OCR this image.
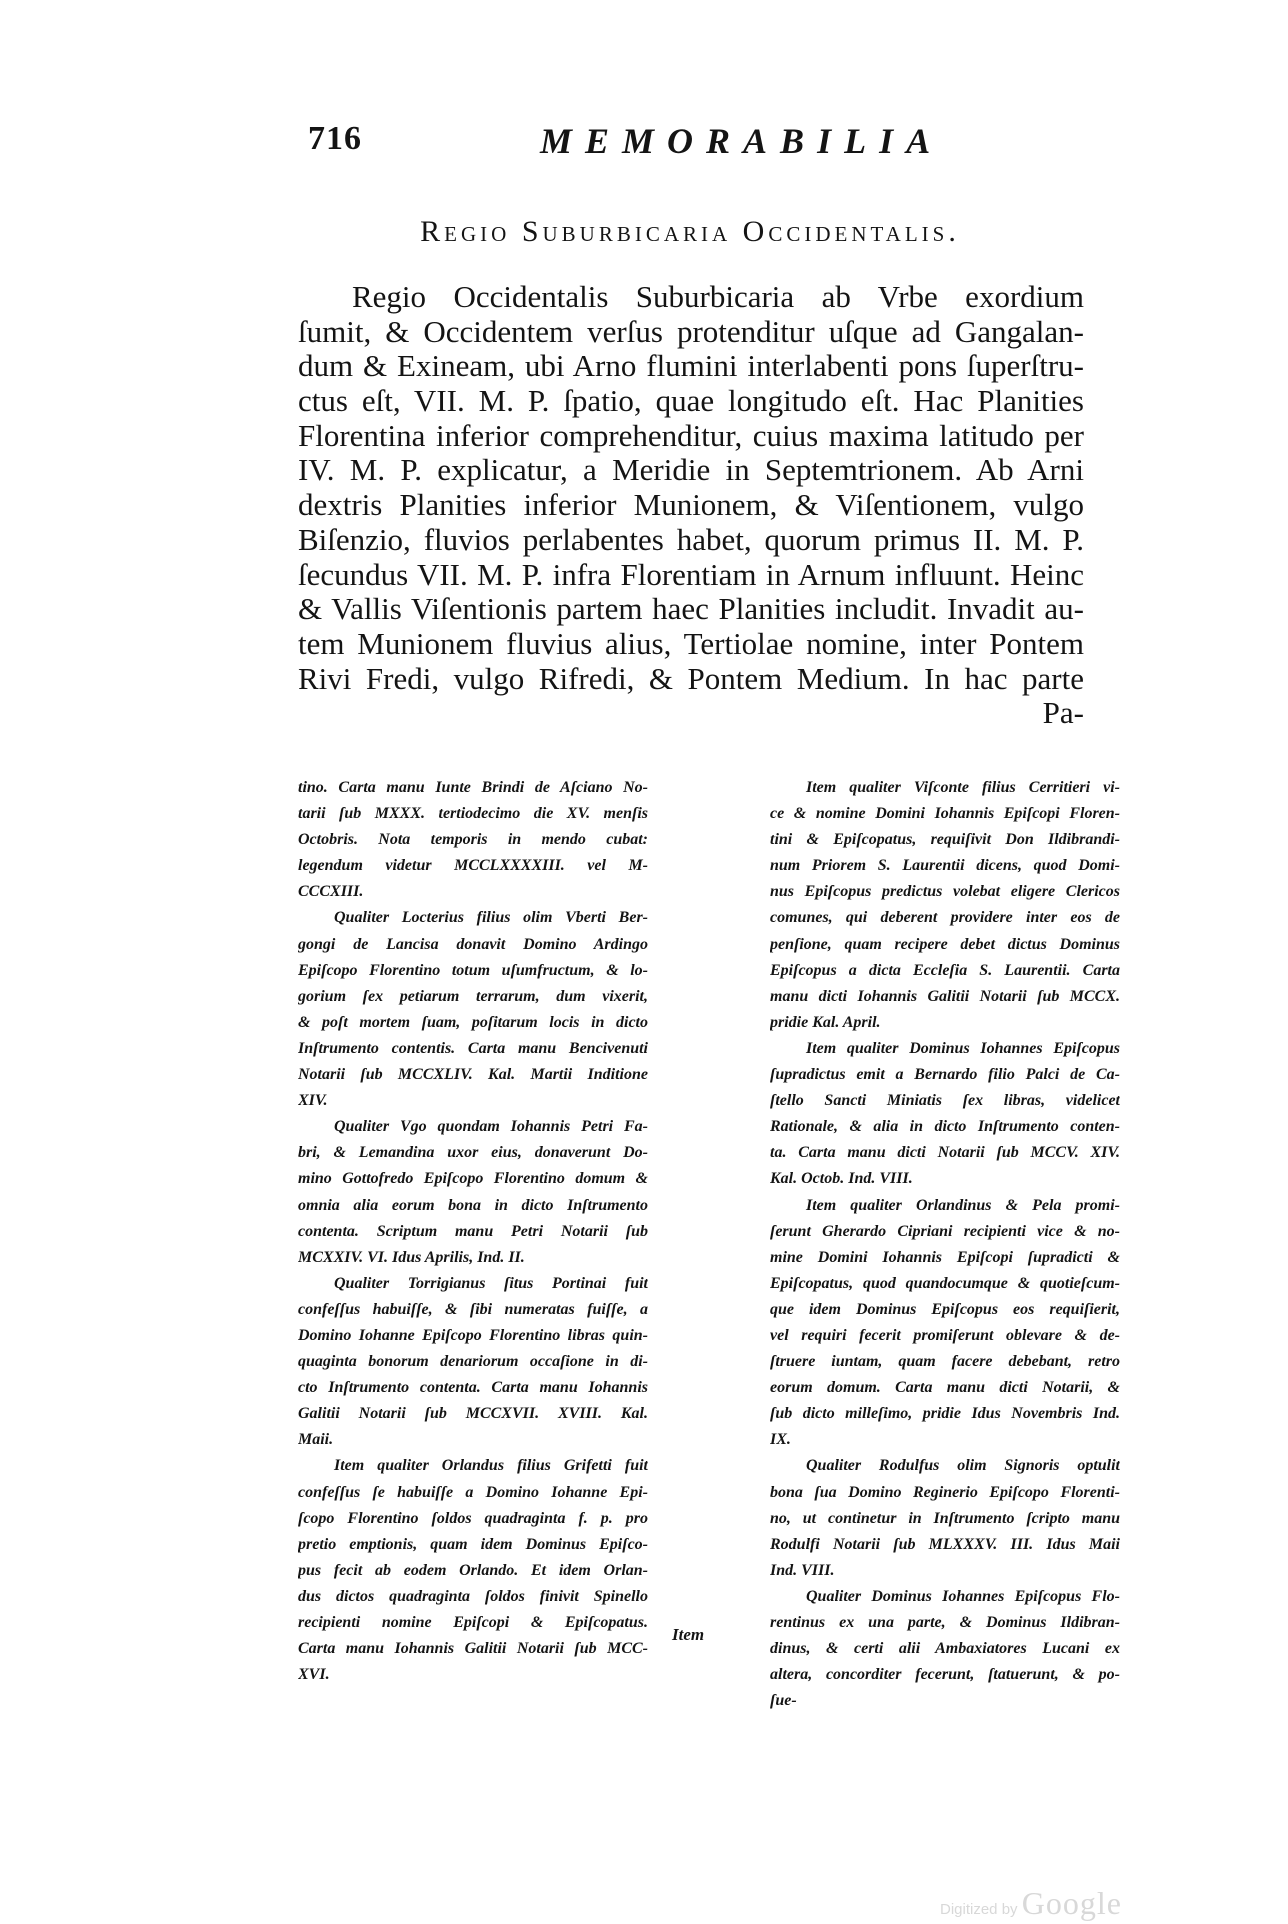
716	MEMORABILIA
Regio Suburbicaria Occidentalis.
Regio Occidentalis Suburbicaria ab Vrbe exordium
ſumit, & Occidentem verſus protenditur uſque ad Gangalan-
dum & Exineam, ubi Arno flumini interlabenti pons ſuperſtru-
ctus eſt, VII. M. P. ſpatio, quae longitudo eſt. Hac Planities
Florentina inferior comprehenditur, cuius maxima latitudo per
IV. M. P. explicatur, a Meridie in Septemtrionem. Ab Arni
dextris Planities inferior Munionem, & Viſentionem, vulgo
Biſenzio, fluvios perlabentes habet, quorum primus II. M. P.
ſecundus VII. M. P. infra Florentiam in Arnum influunt. Heinc
& Vallis Viſentionis partem haec Planities includit. Invadit au-
tem Munionem fluvius alius, Tertiolae nomine, inter Pontem
Rivi Fredi, vulgo Rifredi, & Pontem Medium. In hac parte
Pa-
tino. Carta manu Iunte Brindi de Aſciano No-
tarii ſub MXXX. tertiodecimo die XV. menſis
Octobris. Nota temporis in mendo cubat:
legendum videtur MCCLXXXXIII. vel M-
CCCXIII.
Qualiter Locterius filius olim Vberti Ber-
gongi de Lancisa donavit Domino Ardingo
Epiſcopo Florentino totum uſumfructum, & lo-
gorium ſex petiarum terrarum, dum vixerit,
& poſt mortem ſuam, poſitarum locis in dicto
Inſtrumento contentis. Carta manu Bencivenuti
Notarii ſub MCCXLIV. Kal. Martii Inditione
XIV.
Qualiter Vgo quondam Iohannis Petri Fa-
bri, & Lemandina uxor eius, donaverunt Do-
mino Gottofredo Epiſcopo Florentino domum &
omnia alia eorum bona in dicto Inſtrumento
contenta. Scriptum manu Petri Notarii ſub
MCXXIV. VI. Idus Aprilis, Ind. II.
Qualiter Torrigianus ſitus Portinai fuit
confeſſus habuiſſe, & ſibi numeratas fuiſſe, a
Domino Iohanne Epiſcopo Florentino libras quin-
quaginta bonorum denariorum occaſione in di-
cto Inſtrumento contenta. Carta manu Iohannis
Galitii Notarii ſub MCCXVII. XVIII. Kal.
Maii.
Item qualiter Orlandus filius Grifetti fuit
confeſſus ſe habuiſſe a Domino Iohanne Epi-
ſcopo Florentino ſoldos quadraginta f. p. pro
pretio emptionis, quam idem Dominus Epiſco-
pus fecit ab eodem Orlando. Et idem Orlan-
dus dictos quadraginta ſoldos finivit Spinello
recipienti nomine Epiſcopi & Epiſcopatus.
Carta manu Iohannis Galitii Notarii ſub MCC-
XVI.
Item qualiter Viſconte filius Cerritieri vi-
ce & nomine Domini Iohannis Epiſcopi Floren-
tini & Epiſcopatus, requiſivit Don Ildibrandi-
num Priorem S. Laurentii dicens, quod Domi-
nus Epiſcopus predictus volebat eligere Clericos
comunes, qui deberent providere inter eos de
penſione, quam recipere debet dictus Dominus
Epiſcopus a dicta Eccleſia S. Laurentii. Carta
manu dicti Iohannis Galitii Notarii ſub MCCX.
pridie Kal. April.
Item qualiter Dominus Iohannes Epiſcopus
ſupradictus emit a Bernardo filio Palci de Ca-
ſtello Sancti Miniatis ſex libras, videlicet
Rationale, & alia in dicto Inſtrumento conten-
ta. Carta manu dicti Notarii ſub MCCV. XIV.
Kal. Octob. Ind. VIII.
Item qualiter Orlandinus & Pela promi-
ſerunt Gherardo Cipriani recipienti vice & no-
mine Domini Iohannis Epiſcopi ſupradicti &
Epiſcopatus, quod quandocumque & quotieſcum-
que idem Dominus Epiſcopus eos requiſierit,
vel requiri fecerit promiſerunt oblevare & de-
ſtruere iuntam, quam facere debebant, retro
eorum domum. Carta manu dicti Notarii, &
ſub dicto milleſimo, pridie Idus Novembris Ind.
IX.
Qualiter Rodulfus olim Signoris optulit
bona ſua Domino Reginerio Epiſcopo Florenti-
no, ut continetur in Inſtrumento ſcripto manu
Rodulfi Notarii ſub MLXXXV. III. Idus Maii
Ind. VIII.
Qualiter Dominus Iohannes Epiſcopus Flo-
rentinus ex una parte, & Dominus Ildibran-
dinus, & certi alii Ambaxiatores Lucani ex
altera, concorditer fecerunt, ſtatuerunt, & po-
ſue-
Item
Digitized by Google
